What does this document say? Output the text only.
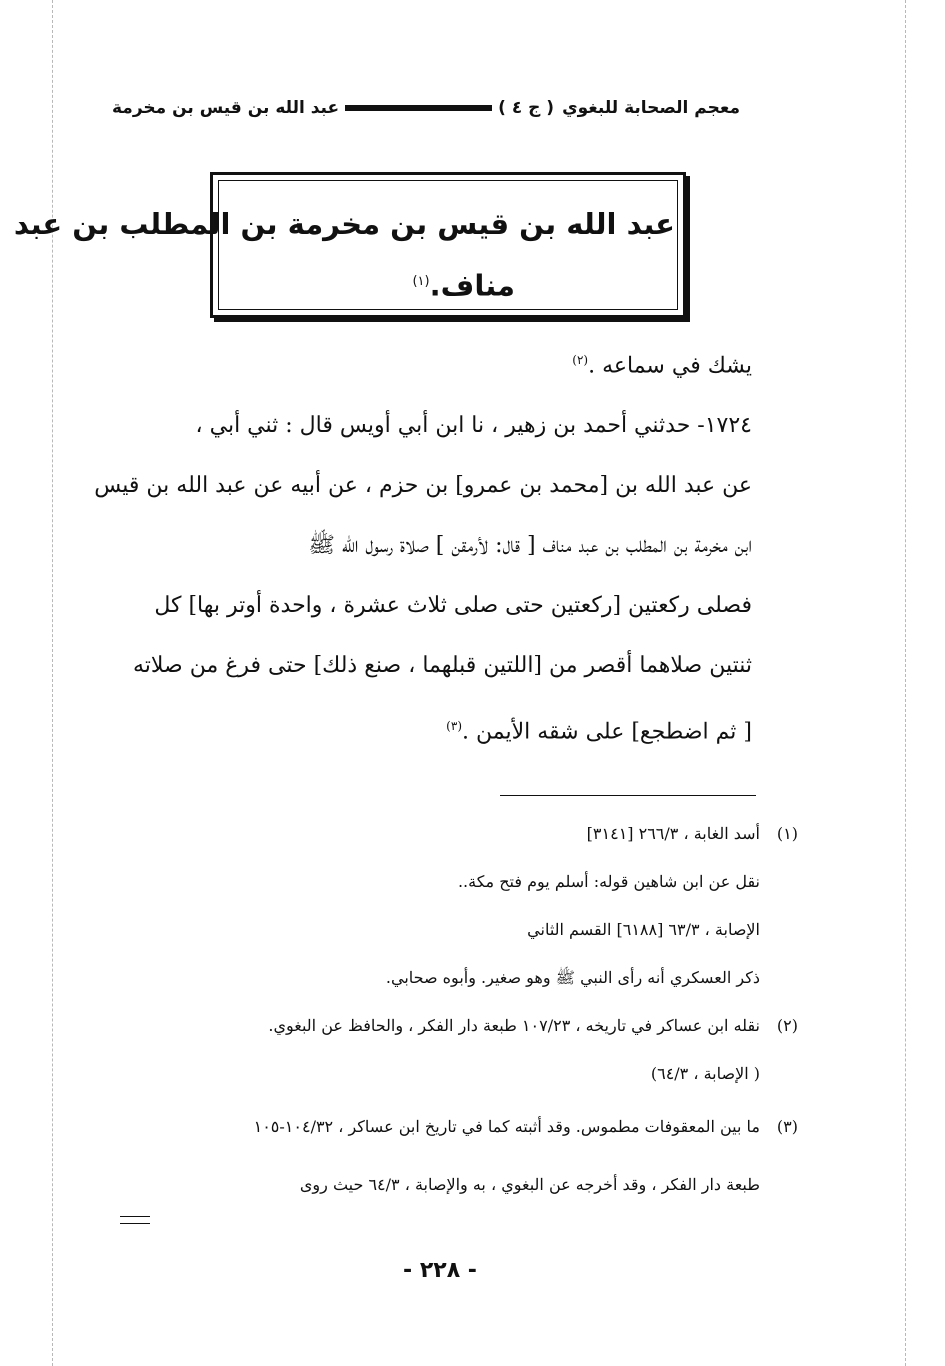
معجم الصحابة للبغوي
( ج ٤ )
عبد الله بن قيس بن مخرمة
عبد الله بن قيس بن مخرمة بن المطلب بن عبد
مناف.$^{(١)}$
يشك في سماعه .$^{(٢)}$
١٧٢٤- حدثني أحمد بن زهير ، نا ابن أبي أويس قال : ثني أبي ،
عن عبد الله بن [محمد بن عمرو] بن حزم ، عن أبيه عن عبد الله بن قيس
ابن مخرمة بن المطلب بن عبد مناف [ قال: لأرمقن ] صلاة رسول الله ﷺ
فصلى ركعتين [ركعتين حتى صلى ثلاث عشرة ، واحدة أوتر بها] كل
ثنتين صلاهما أقصر من [اللتين قبلهما ، صنع ذلك] حتى فرغ من صلاته
[ ثم اضطجع] على شقه الأيمن .$^{(٣)}$
(١)أسد الغابة ، ٢٦٦/٣ [٣١٤١]
نقل عن ابن شاهين قوله: أسلم يوم فتح مكة..
الإصابة ، ٦٣/٣ [٦١٨٨] القسم الثاني
ذكر العسكري أنه رأى النبي ﷺ وهو صغير. وأبوه صحابي.
(٢)نقله ابن عساكر في تاريخه ، ١٠٧/٢٣ طبعة دار الفكر ، والحافظ عن البغوي.
( الإصابة ، ٦٤/٣)
(٣)ما بين المعقوفات مطموس. وقد أثبته كما في تاريخ ابن عساكر ، ١٠٤/٣٢-١٠٥
طبعة دار الفكر ، وقد أخرجه عن البغوي ، به والإصابة ، ٦٤/٣ حيث روى
- ٢٢٨ -
